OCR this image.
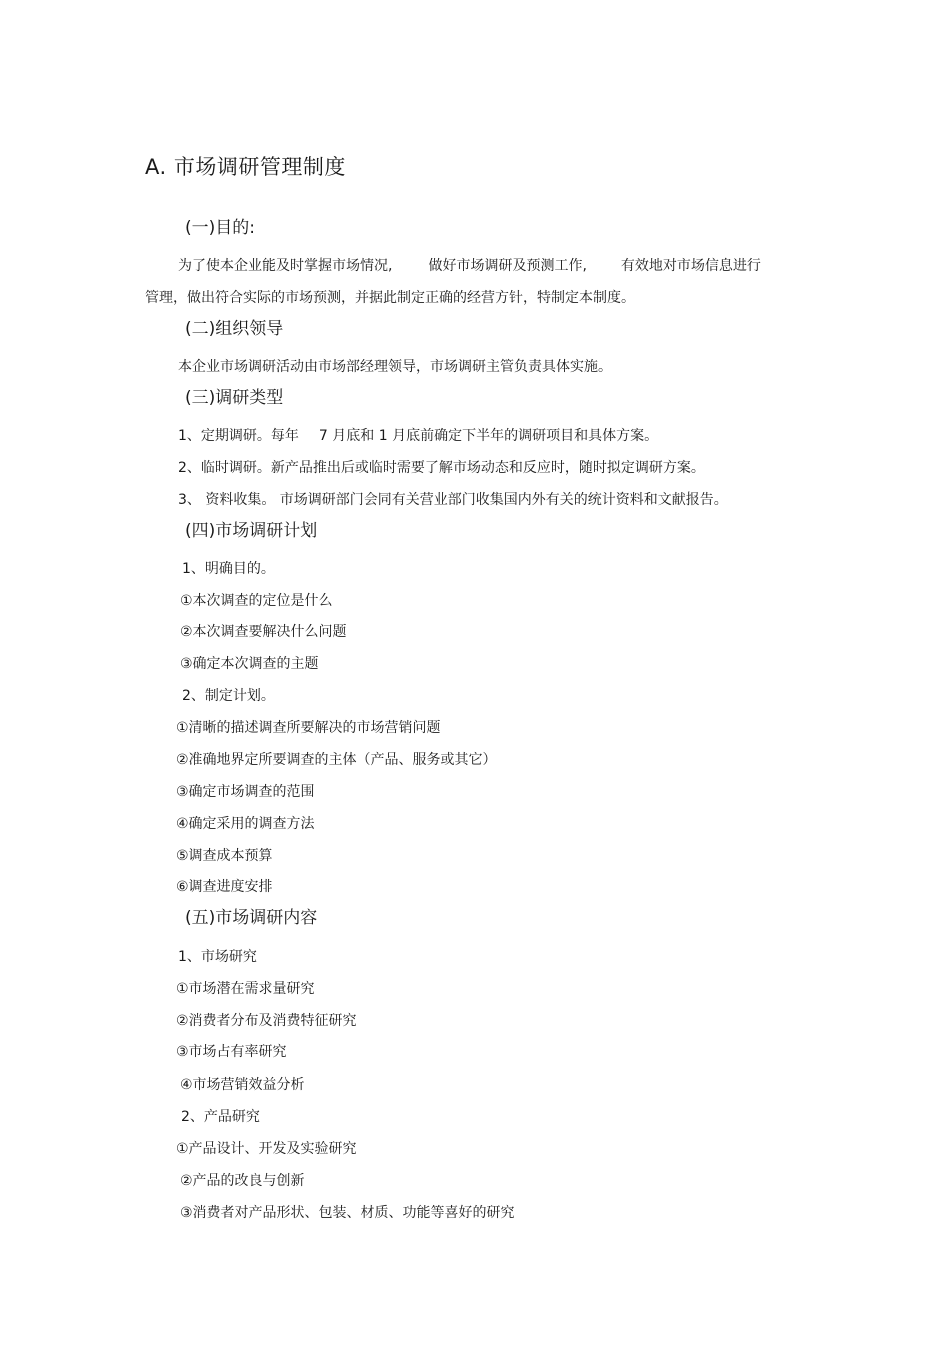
A. 市场调研管理制度
(一)目的:
为了使本企业能及时掌握市场情况,	做好市场调研及预测工作, 有效地对市场信息进行
管理，做出符合实际的市场预测，并据此制定正确的经营方针，特制定本制度。
(二)组织领导
本企业市场调研活动由市场部经理领导，市场调研主管负责具体实施。
(三)调研类型
1、定期调研。每年 7 月底和 1 月底前确定下半年的调研项目和具体方案。
2、临时调研。新产品推出后或临时需要了解市场动态和反应时，随时拟定调研方案。
3、 资料收集。 市场调研部门会同有关营业部门收集国内外有关的统计资料和文献报告。
(四)市场调研计划
1、明确目的。
①本次调查的定位是什么
②本次调查要解决什么问题
③确定本次调查的主题
2、制定计划。
①清晰的描述调查所要解决的市场营销问题
②准确地界定所要调查的主体（产品、服务或其它）
③确定市场调查的范围
④确定采用的调查方法
⑤调查成本预算
⑥调查进度安排
(五)市场调研内容
1、市场研究
①市场潜在需求量研究
②消费者分布及消费特征研究
③市场占有率研究
④市场营销效益分析
2、产品研究
①产品设计、开发及实验研究
②产品的改良与创新
③消费者对产品形状、包装、材质、功能等喜好的研究
